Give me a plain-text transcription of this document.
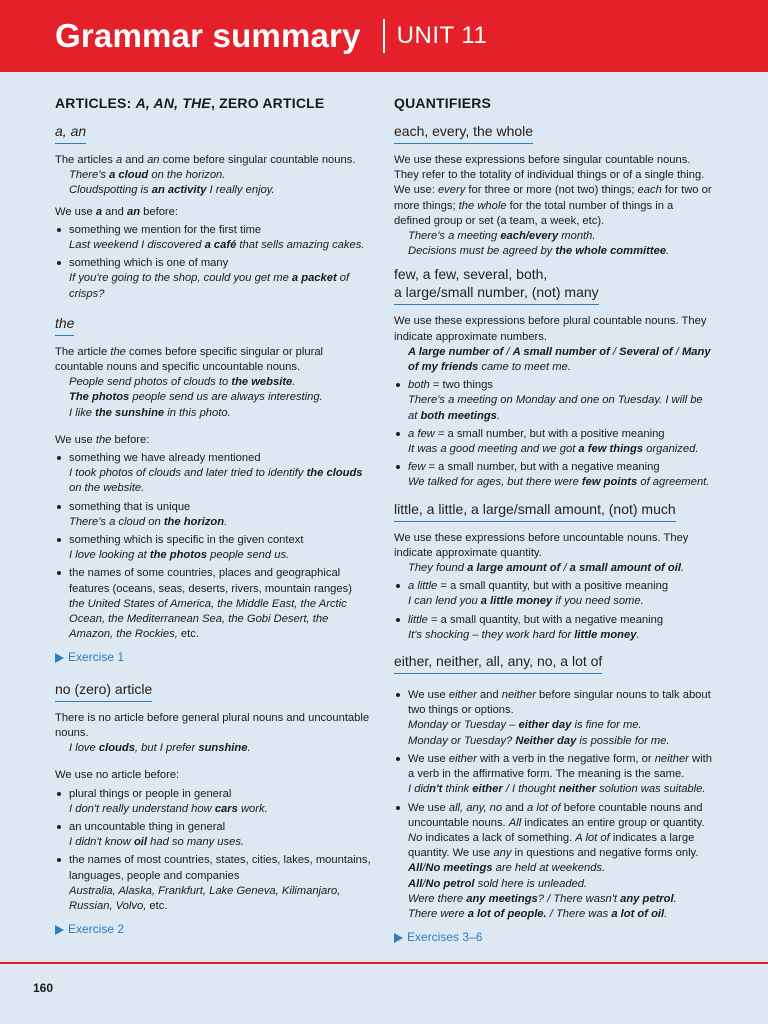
Grammar summary UNIT 11
ARTICLES: A, AN, THE, ZERO ARTICLE
a, an

The articles a and an come before singular countable nouns.

There's a cloud on the horizon.
Cloudspotting is an activity I really enjoy.

We use a and an before:

something we mention for the first time
Last weekend I discovered a café that sells amazing cakes.
something which is one of many
If you're going to the shop, could you get me a packet of crisps?
the

The article the comes before specific singular or plural countable nouns and specific uncountable nouns.

People send photos of clouds to the website.
The photos people send us are always interesting.
I like the sunshine in this photo.

We use the before:

something we have already mentioned
I took photos of clouds and later tried to identify the clouds on the website.
something that is unique
There's a cloud on the horizon.
something which is specific in the given context
I love looking at the photos people send us.
the names of some countries, places and geographical features (oceans, seas, deserts, rivers, mountain ranges)
the United States of America, the Middle East, the Arctic Ocean, the Mediterranean Sea, the Gobi Desert, the Amazon, the Rockies, etc.
Exercise 1
no (zero) article

There is no article before general plural nouns and uncountable nouns.

I love clouds, but I prefer sunshine.

We use no article before:

plural things or people in general
I don't really understand how cars work.
an uncountable thing in general
I didn't know oil had so many uses.
the names of most countries, states, cities, lakes, mountains, languages, people and companies
Australia, Alaska, Frankfurt, Lake Geneva, Kilimanjaro, Russian, Volvo, etc.
Exercise 2
QUANTIFIERS
each, every, the whole

We use these expressions before singular countable nouns. They refer to the totality of individual things or of a single thing. We use: every for three or more (not two) things; each for two or more things; the whole for the total number of things in a defined group or set (a team, a week, etc).

There's a meeting each/every month.
Decisions must be agreed by the whole committee.
few, a few, several, both,
a large/small number, (not) many

We use these expressions before plural countable nouns. They indicate approximate numbers.

A large number of / A small number of / Several of / Many of my friends came to meet me.
both = two things
There's a meeting on Monday and one on Tuesday. I will be at both meetings.
a few = a small number, but with a positive meaning
It was a good meeting and we got a few things organized.
few = a small number, but with a negative meaning
We talked for ages, but there were few points of agreement.
little, a little, a large/small amount, (not) much

We use these expressions before uncountable nouns. They indicate approximate quantity.

They found a large amount of / a small amount of oil.
a little = a small quantity, but with a positive meaning
I can lend you a little money if you need some.
little = a small quantity, but with a negative meaning
It's shocking – they work hard for little money.
either, neither, all, any, no, a lot of
We use either and neither before singular nouns to talk about two things or options.
Monday or Tuesday – either day is fine for me.
Monday or Tuesday? Neither day is possible for me.
We use either with a verb in the negative form, or neither with a verb in the affirmative form. The meaning is the same.
I didn't think either / I thought neither solution was suitable.
We use all, any, no and a lot of before countable nouns and uncountable nouns. All indicates an entire group or quantity. No indicates a lack of something. A lot of indicates a large quantity. We use any in questions and negative forms only.
All/No meetings are held at weekends.
All/No petrol sold here is unleaded.
Were there any meetings? / There wasn't any petrol.
There were a lot of people. / There was a lot of oil.
Exercises 3–6
160
